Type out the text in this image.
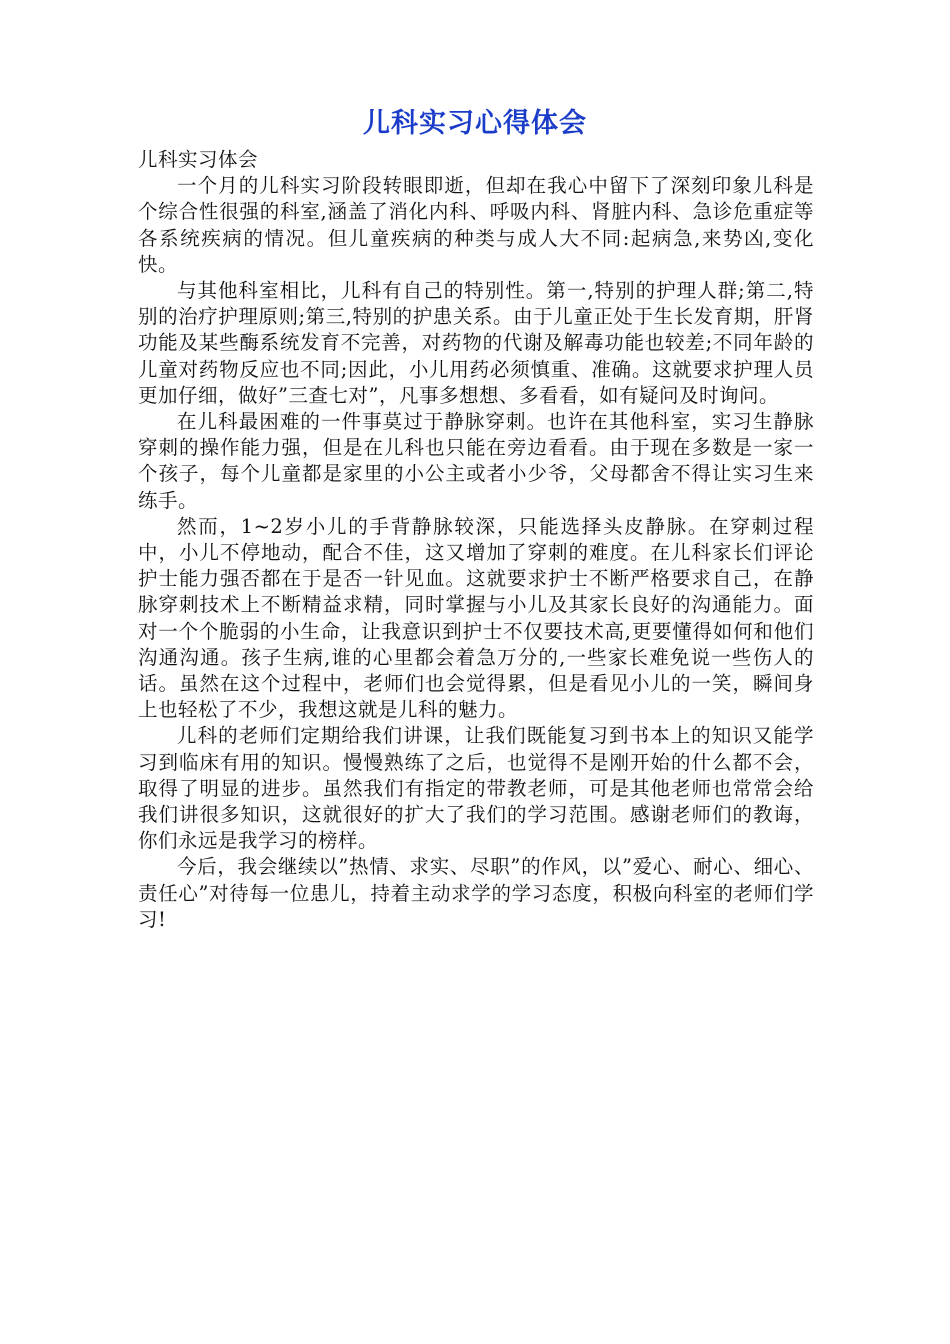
儿科实习心得体会

儿科实习体会

一个月的儿科实习阶段转眼即逝，但却在我心中留下了深刻印象儿科是个综合性很强的科室,涵盖了消化内科、呼吸内科、肾脏内科、急诊危重症等各系统疾病的情况。但儿童疾病的种类与成人大不同:起病急,来势凶,变化快。

与其他科室相比，儿科有自己的特别性。第一,特别的护理人群;第二,特别的治疗护理原则;第三,特别的护患关系。由于儿童正处于生长发育期，肝肾功能及某些酶系统发育不完善，对药物的代谢及解毒功能也较差;不同年龄的儿童对药物反应也不同;因此，小儿用药必须慎重、准确。这就要求护理人员更加仔细，做好”三查七对”，凡事多想想、多看看，如有疑问及时询问。

在儿科最困难的一件事莫过于静脉穿刺。也许在其他科室，实习生静脉穿刺的操作能力强，但是在儿科也只能在旁边看看。由于现在多数是一家一个孩子，每个儿童都是家里的小公主或者小少爷，父母都舍不得让实习生来练手。

然而，1~2岁小儿的手背静脉较深，只能选择头皮静脉。在穿刺过程中，小儿不停地动，配合不佳，这又增加了穿刺的难度。在儿科家长们评论护士能力强否都在于是否一针见血。这就要求护士不断严格要求自己，在静脉穿刺技术上不断精益求精，同时掌握与小儿及其家长良好的沟通能力。面对一个个脆弱的小生命，让我意识到护士不仅要技术高,更要懂得如何和他们沟通沟通。孩子生病,谁的心里都会着急万分的,一些家长难免说一些伤人的话。虽然在这个过程中，老师们也会觉得累，但是看见小儿的一笑，瞬间身上也轻松了不少，我想这就是儿科的魅力。

儿科的老师们定期给我们讲课，让我们既能复习到书本上的知识又能学习到临床有用的知识。慢慢熟练了之后，也觉得不是刚开始的什么都不会，取得了明显的进步。虽然我们有指定的带教老师，可是其他老师也常常会给我们讲很多知识，这就很好的扩大了我们的学习范围。感谢老师们的教诲，你们永远是我学习的榜样。

今后，我会继续以”热情、求实、尽职”的作风，以”爱心、耐心、细心、责任心”对待每一位患儿，持着主动求学的学习态度，积极向科室的老师们学习!
